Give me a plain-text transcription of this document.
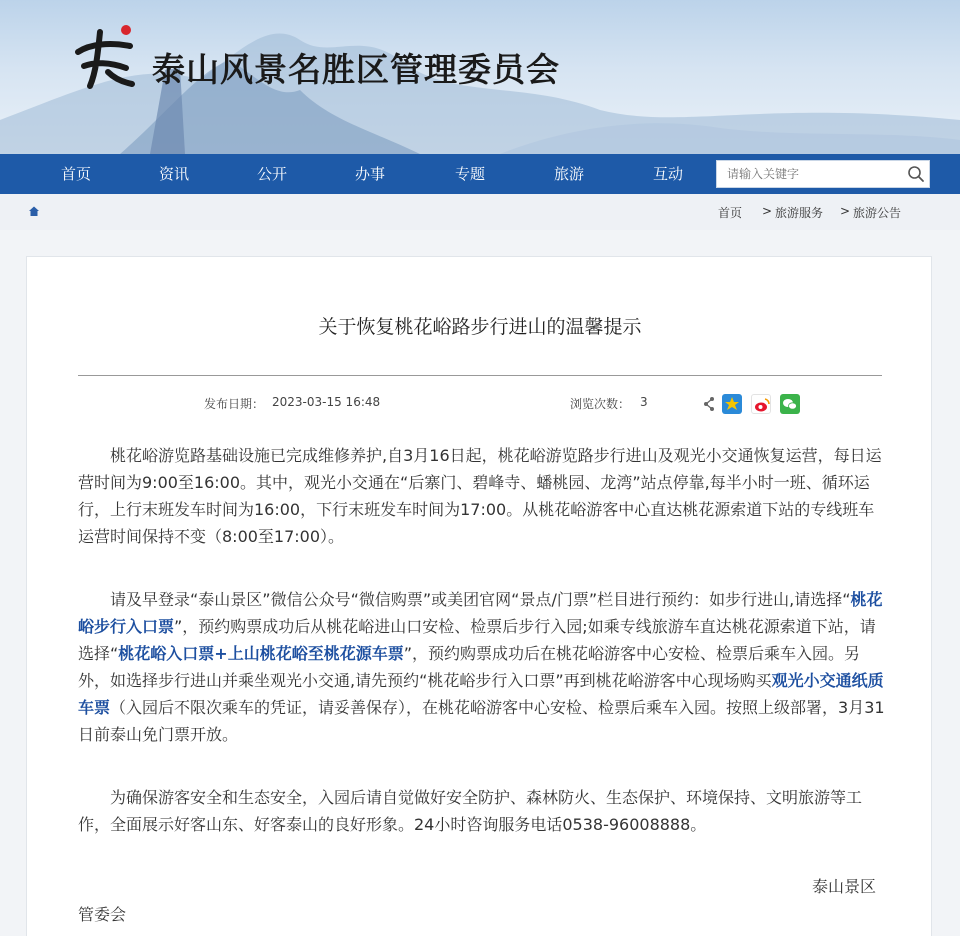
泰山风景名胜区管理委员会
首页	资讯	公开	办事	专题	旅游	互动
请输入关键字
首页 > 旅游服务 > 旅游公告
关于恢复桃花峪路步行进山的温馨提示
发布日期： 2023-03-15 16:48	浏览次数： 3

桃花峪游览路基础设施已完成维修养护,自3月16日起，桃花峪游览路步行进山及观光小交通恢复运营，每日运营时间为9:00至16:00。其中，观光小交通在“后寨门、碧峰寺、蟠桃园、龙湾”站点停靠,每半小时一班、循环运行，上行末班发车时间为16:00，下行末班发车时间为17:00。从桃花峪游客中心直达桃花源索道下站的专线班车运营时间保持不变（8:00至17:00）。

请及早登录“泰山景区”微信公众号“微信购票”或美团官网“景点/门票”栏目进行预约：如步行进山,请选择“桃花峪步行入口票”，预约购票成功后从桃花峪进山口安检、检票后步行入园;如乘专线旅游车直达桃花源索道下站，请选择“桃花峪入口票+上山桃花峪至桃花源车票”，预约购票成功后在桃花峪游客中心安检、检票后乘车入园。另外，如选择步行进山并乘坐观光小交通,请先预约“桃花峪步行入口票”再到桃花峪游客中心现场购买观光小交通纸质车票（入园后不限次乘车的凭证，请妥善保存），在桃花峪游客中心安检、检票后乘车入园。按照上级部署，3月31日前泰山免门票开放。

为确保游客安全和生态安全，入园后请自觉做好安全防护、森林防火、生态保护、环境保持、文明旅游等工作，全面展示好客山东、好客泰山的良好形象。24小时咨询服务电话0538-96008888。

泰山景区
管委会
